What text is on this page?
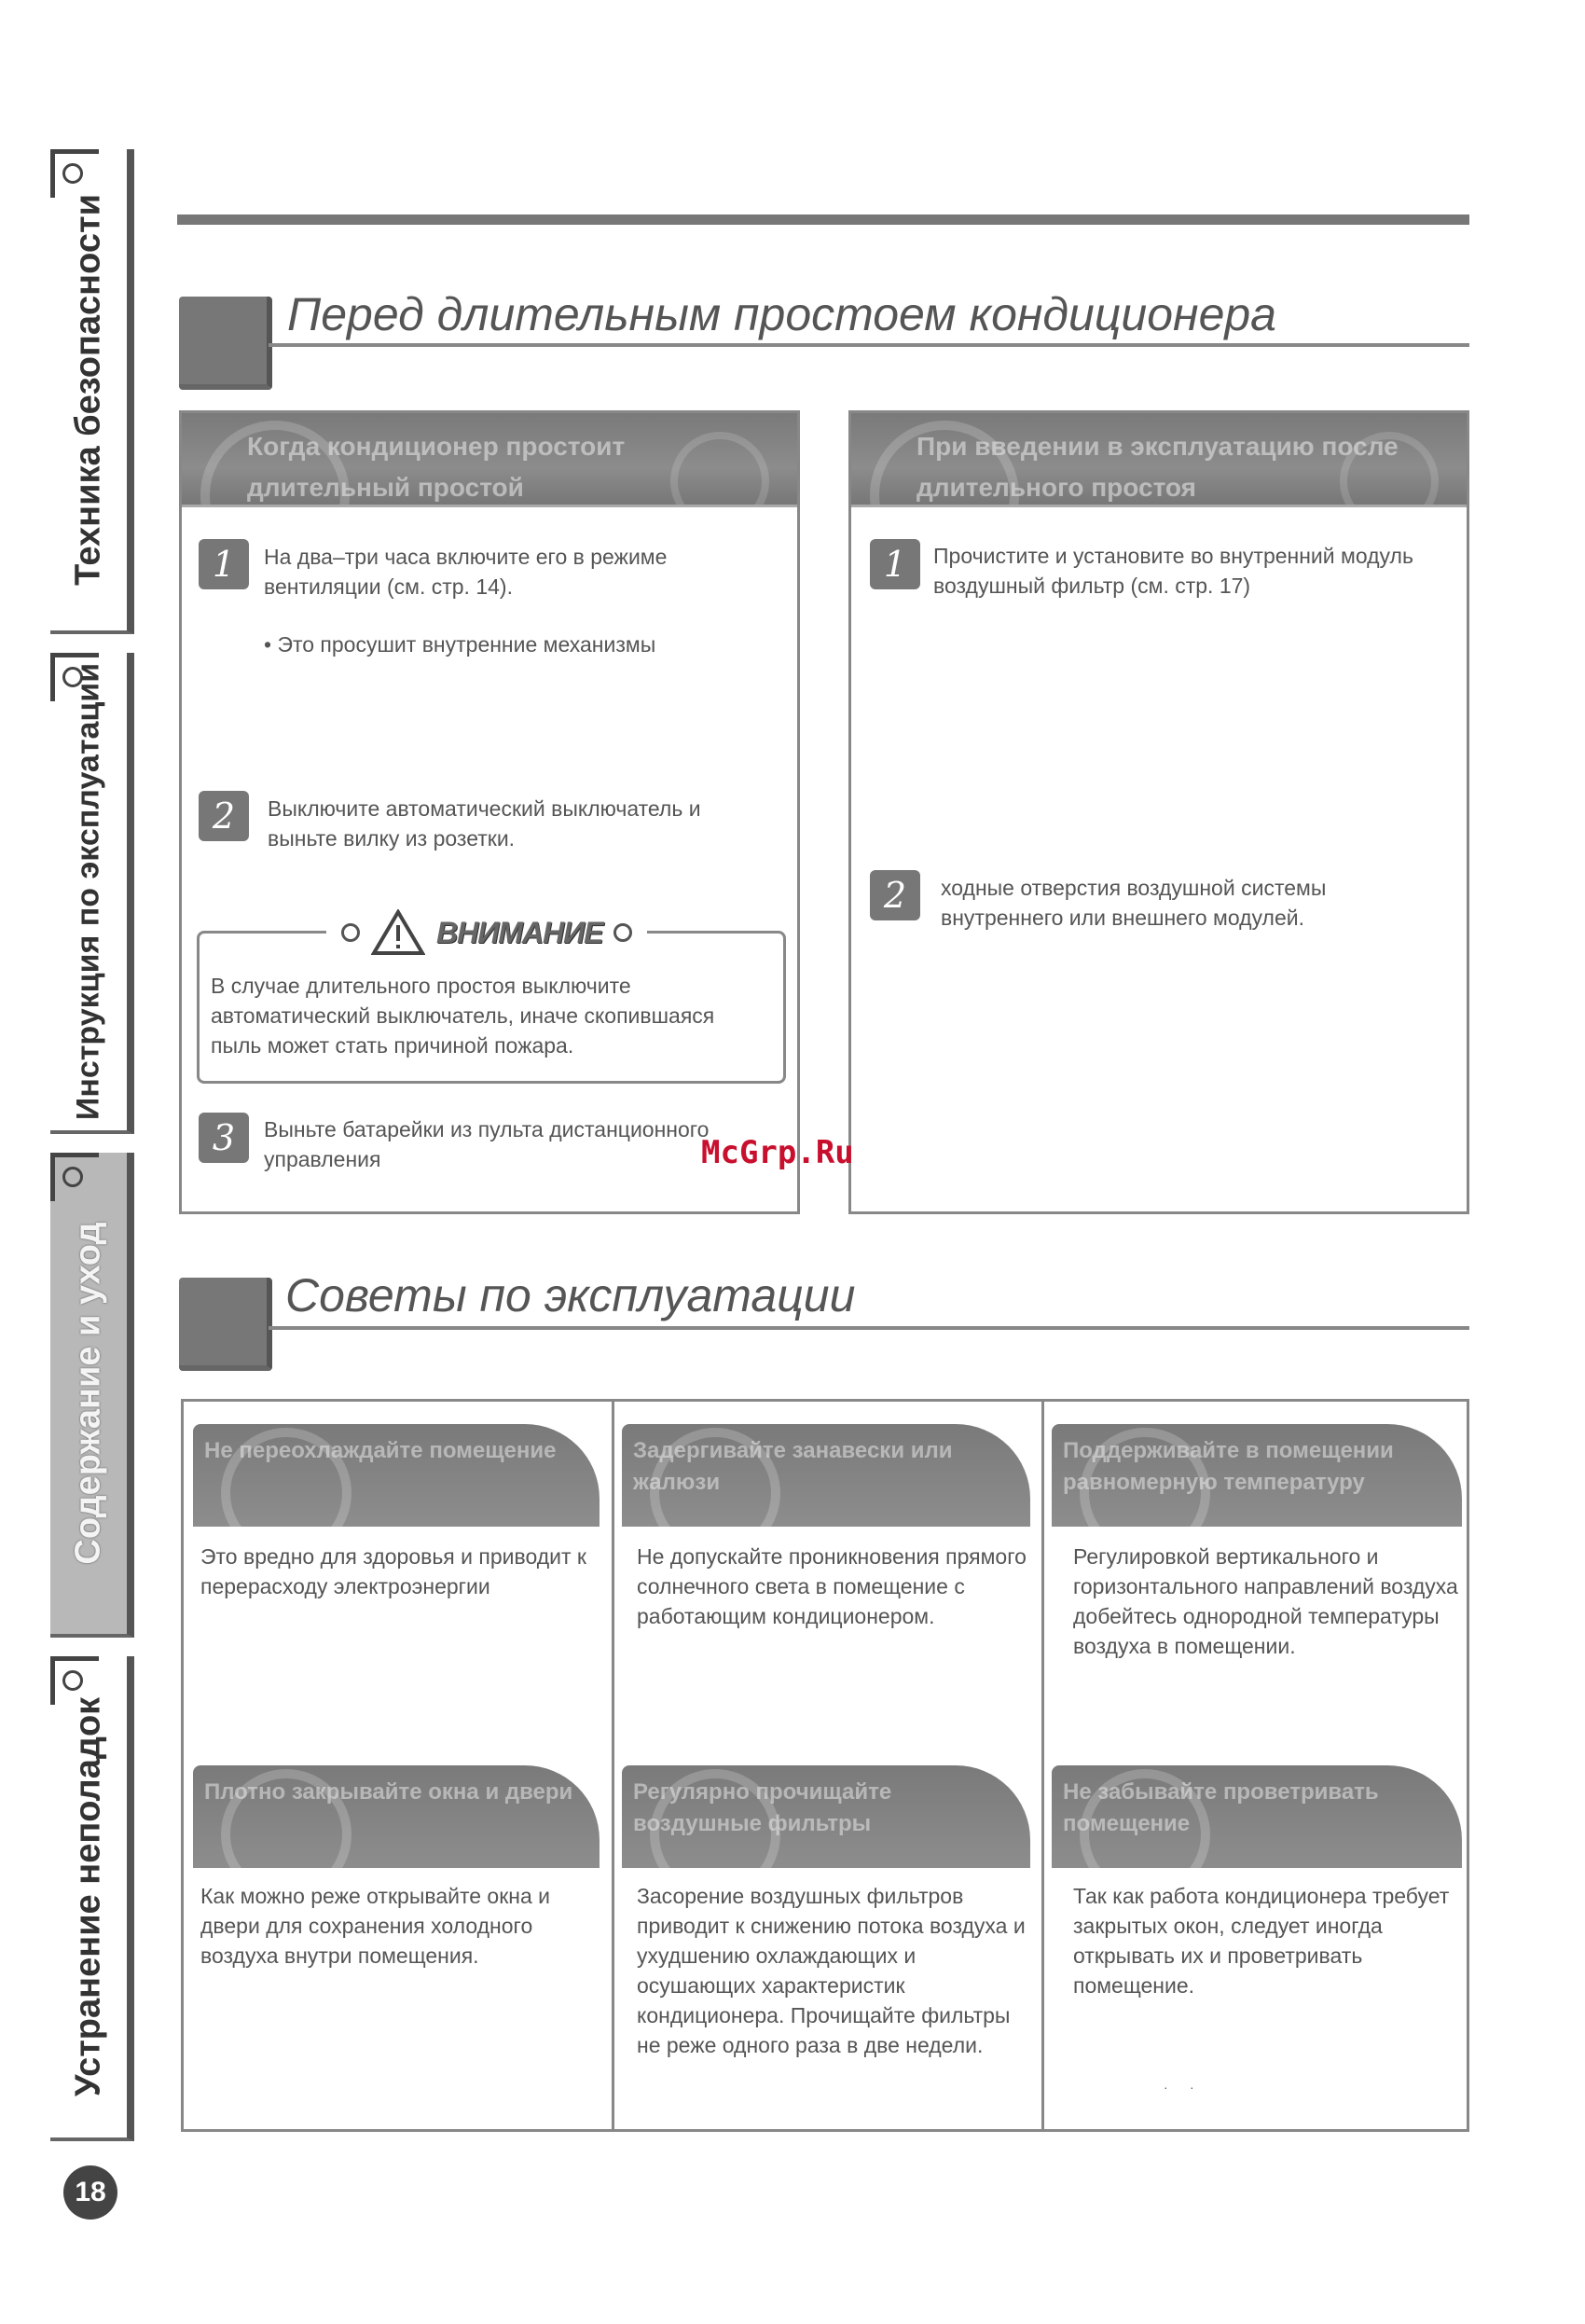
Техника безопасности
Инструкция по эксплуатации
Содержание и уход
Устранение неполадок
18
Перед длительным простоем кондиционера
Когда кондиционер простоит длительный простой
1	На два–три часа включите его в режиме вентиляции (см. стр. 14).
• Это просушит внутренние механизмы
2	Выключите автоматический выключатель и выньте вилку из розетки.
ВНИМАНИЕ
В случае длительного простоя выключите автоматический выключатель, иначе скопившаяся пыль может стать причиной пожара.
3	Выньте батарейки из пульта дистанционного управления
При введении в эксплуатацию после длительного простоя
1	Прочистите и установите во внутренний модуль воздушный фильтр (см. стр. 17)
2	ходные отверстия воздушной системы внутреннего или внешнего модулей.
McGrp.Ru
Советы по эксплуатации
Не переохлаждайте помещение
Это вредно для здоровья и приводит к перерасходу электроэнергии
Задергивайте занавески или жалюзи
Не допускайте проникновения прямого солнечного света в помещение с работающим кондиционером.
Поддерживайте в помещении равномерную температуру
Регулировкой вертикального и горизонтального направлений воздуха добейтесь однородной температуры воздуха в помещении.
Плотно закрывайте окна и двери
Как можно реже открывайте окна и двери для сохранения холодного воздуха внутри помещения.
Регулярно прочищайте воздушные фильтры
Засорение воздушных фильтров приводит к снижению потока воздуха и ухудшению охлаждающих и осушающих характеристик кондиционера. Прочищайте фильтры не реже одного раза в две недели.
Не забывайте проветривать помещение
Так как работа кондиционера требует закрытых окон, следует иногда открывать их и проветривать помещение.
·      ·
